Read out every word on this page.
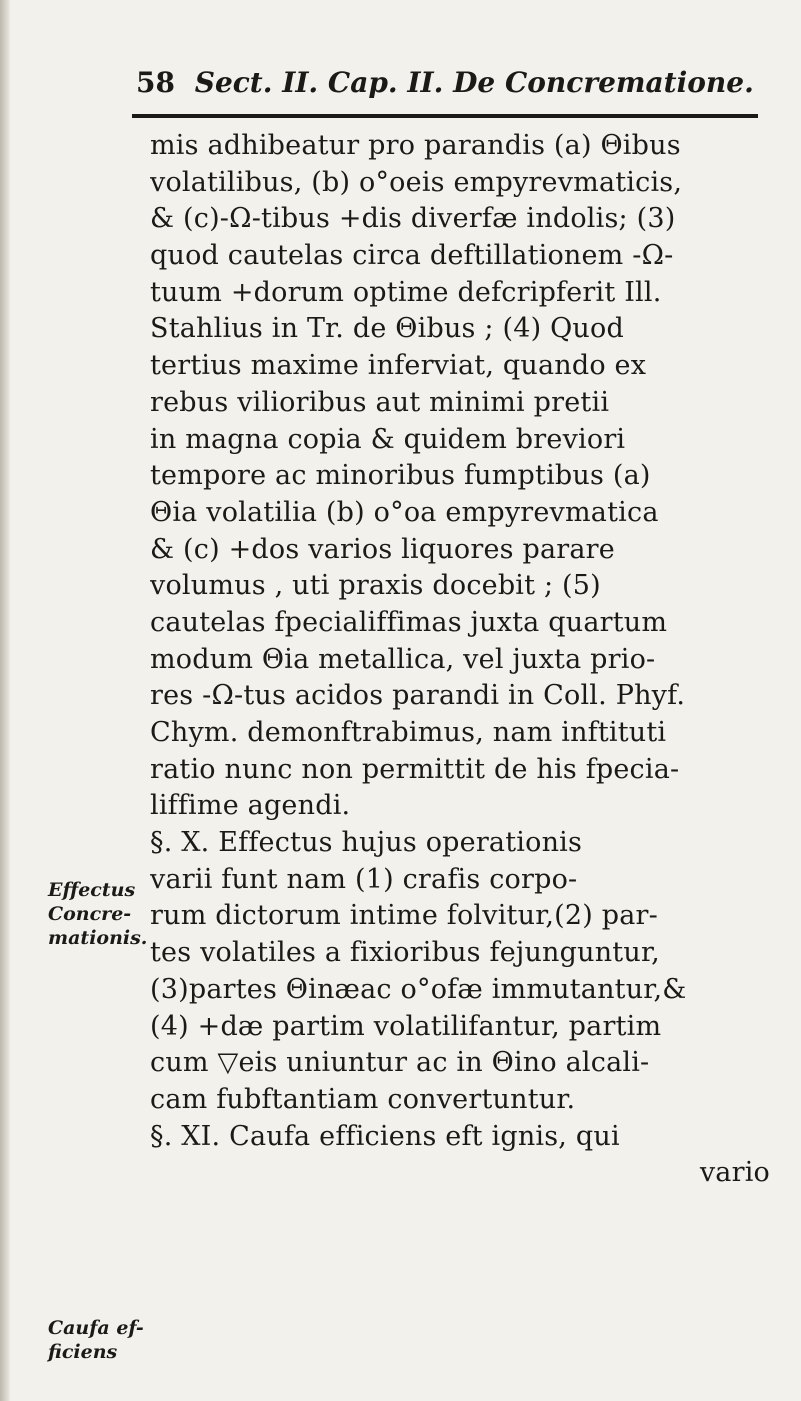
58 Sect. II. Cap. II. De Concrematione.
mis adhibeatur pro parandis (a) Θibus
volatilibus, (b) o°oeis empyrevmaticis,
& (c)-Ω-tibus +dis diverfæ indolis; (3)
quod cautelas circa deftillationem -Ω-
tuum +dorum optime defcripferit Ill.
Stahlius in Tr. de Θibus ; (4) Quod
tertius maxime inferviat, quando ex
rebus vilioribus aut minimi pretii
in magna copia & quidem breviori
tempore ac minoribus fumptibus (a)
Θia volatilia (b) o°oa empyrevmatica
& (c) +dos varios liquores parare
volumus , uti praxis docebit ; (5)
cautelas fpecialiffimas juxta quartum
modum Θia metallica, vel juxta prio-
res -Ω-tus acidos parandi in Coll. Phyf.
Chym. demonftrabimus, nam inftituti
ratio nunc non permittit de his fpecia-
liffime agendi.
§. X. Effectus hujus operationis
varii funt nam (1) crafis corpo-
rum dictorum intime folvitur,(2) par-
tes volatiles a fixioribus fejunguntur,
(3)partes Θinæac o°ofæ immutantur,&
(4) +dæ partim volatilifantur, partim
cum ▽eis uniuntur ac in Θino alcali-
cam fubftantiam convertuntur.
§. XI. Caufa efficiens eft ignis, qui
vario
Effectus Concre-mationis.
Caufa ef-ficiens
